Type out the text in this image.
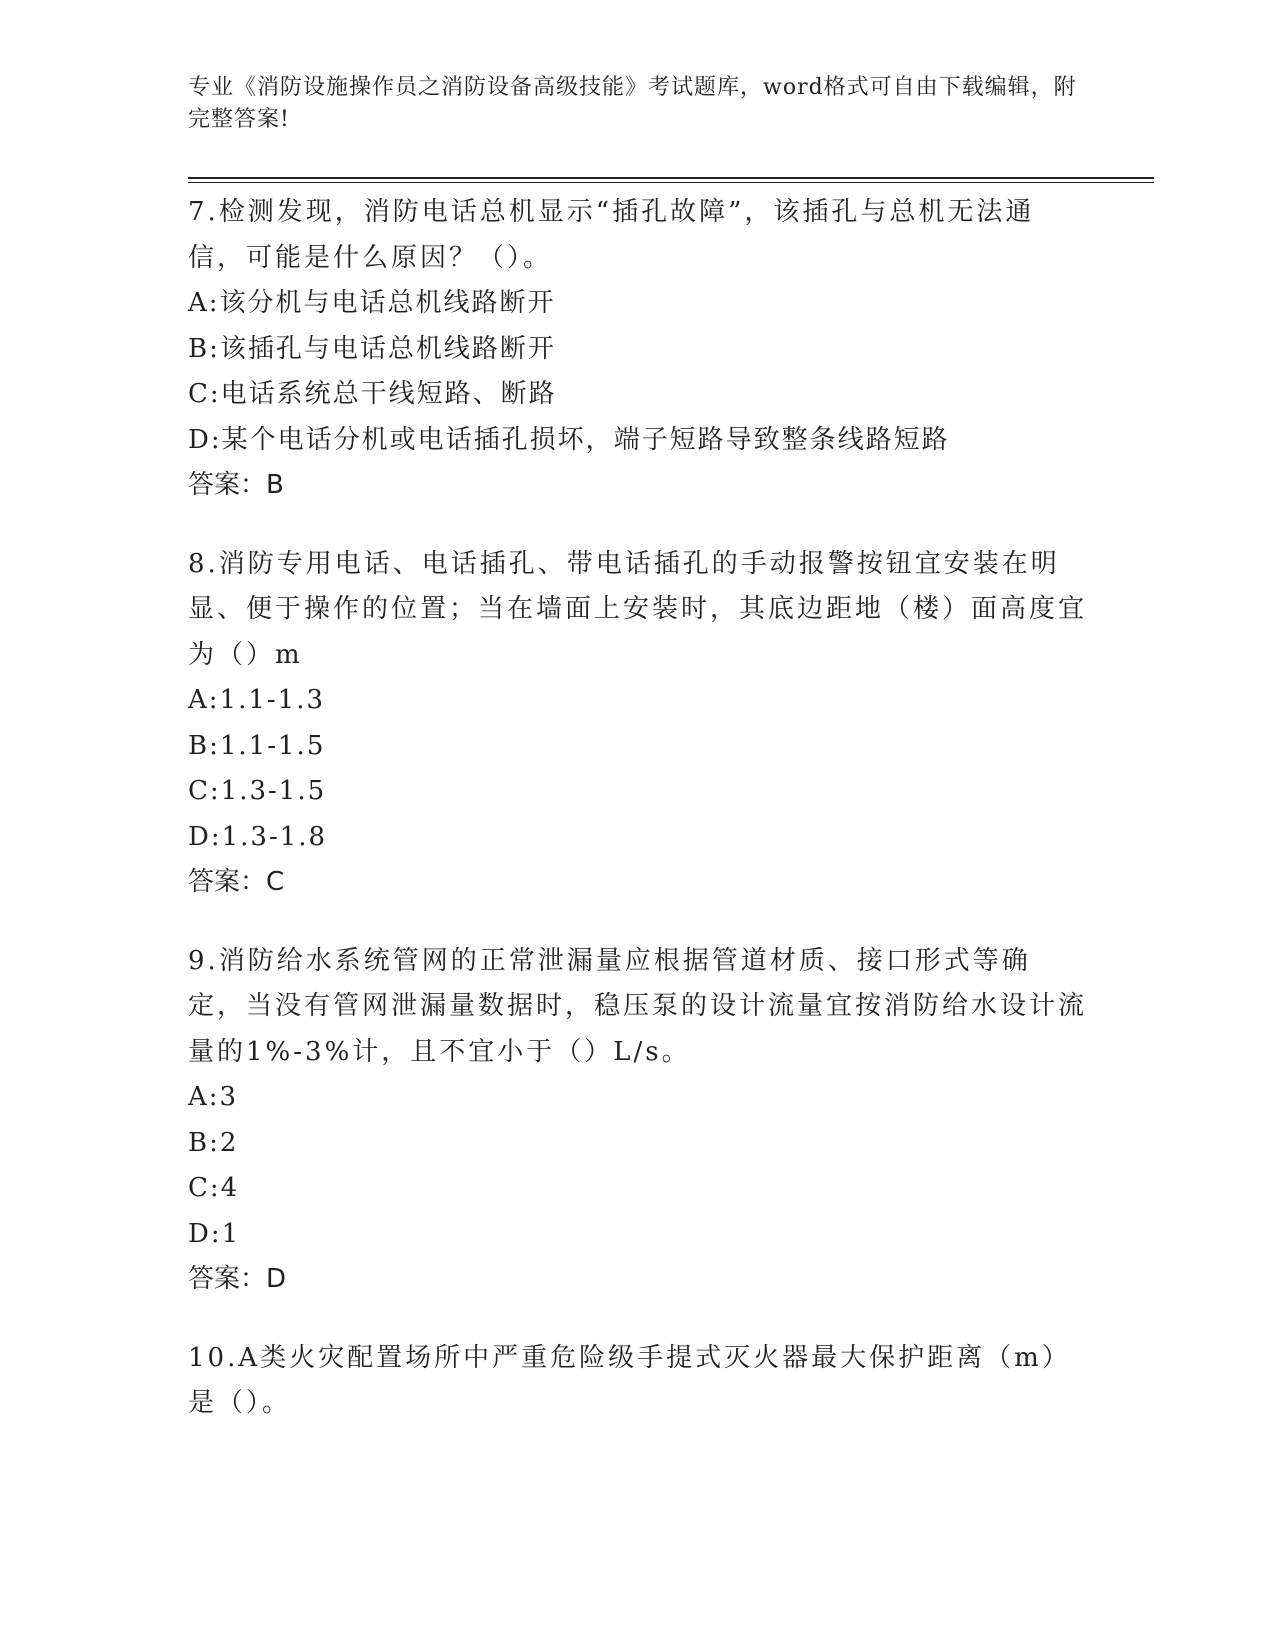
专业《消防设施操作员之消防设备高级技能》考试题库，word格式可自由下载编辑，附完整答案!
7.检测发现，消防电话总机显示“插孔故障”，该插孔与总机无法通信，可能是什么原因？（）。
A:该分机与电话总机线路断开
B:该插孔与电话总机线路断开
C:电话系统总干线短路、断路
D:某个电话分机或电话插孔损坏，端子短路导致整条线路短路
答案：B
8.消防专用电话、电话插孔、带电话插孔的手动报警按钮宜安装在明显、便于操作的位置；当在墙面上安装时，其底边距地（楼）面高度宜为（）m
A:1.1-1.3
B:1.1-1.5
C:1.3-1.5
D:1.3-1.8
答案：C
9.消防给水系统管网的正常泄漏量应根据管道材质、接口形式等确定，当没有管网泄漏量数据时，稳压泵的设计流量宜按消防给水设计流量的1%-3%计，且不宜小于（）L/s。
A:3
B:2
C:4
D:1
答案：D
10.A类火灾配置场所中严重危险级手提式灭火器最大保护距离（m）是（）。
